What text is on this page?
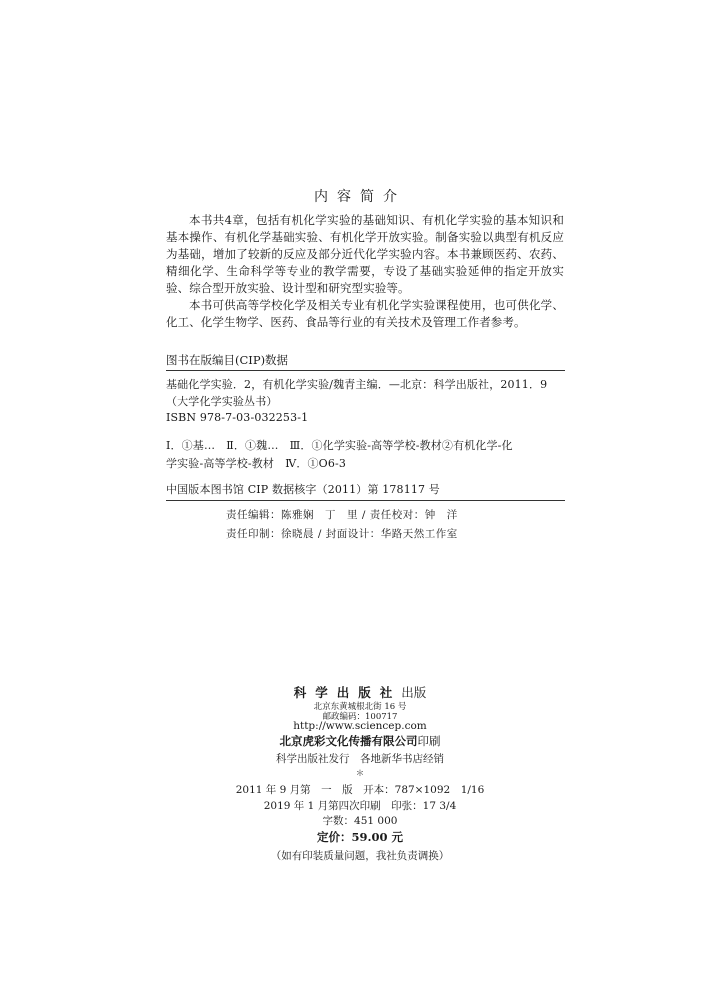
内容简介

本书共4章，包括有机化学实验的基础知识、有机化学实验的基本知识和基本操作、有机化学基础实验、有机化学开放实验。制备实验以典型有机反应为基础，增加了较新的反应及部分近代化学实验内容。本书兼顾医药、农药、精细化学、生命科学等专业的教学需要，专设了基础实验延伸的指定开放实验、综合型开放实验、设计型和研究型实验等。

本书可供高等学校化学及相关专业有机化学实验课程使用，也可供化学、化工、化学生物学、医药、食品等行业的有关技术及管理工作者参考。

图书在版编目(CIP)数据
基础化学实验．2，有机化学实验/魏青主编．—北京：科学出版社，2011．9
（大学化学实验丛书）
ISBN 978-7-03-032253-1
Ⅰ．①基…　Ⅱ．①魏…　Ⅲ．①化学实验-高等学校-教材②有机化学-化
学实验-高等学校-教材　Ⅳ．①O6-3
中国版本图书馆 CIP 数据核字（2011）第 178117 号
责任编辑：陈雅娴　丁　里 / 责任校对：钟　洋
责任印制：徐晓晨 / 封面设计：华路天然工作室
科学出版社出版
北京东黄城根北街 16 号
邮政编码：100717
http://www.sciencep.com
北京虎彩文化传播有限公司印刷
科学出版社发行　各地新华书店经销
＊
2011 年 9 月第　一　版　开本：787×1092　1/16
2019 年 1 月第四次印刷　印张：17 3/4
字数：451 000
定价：59.00 元
（如有印装质量问题，我社负责调换）
